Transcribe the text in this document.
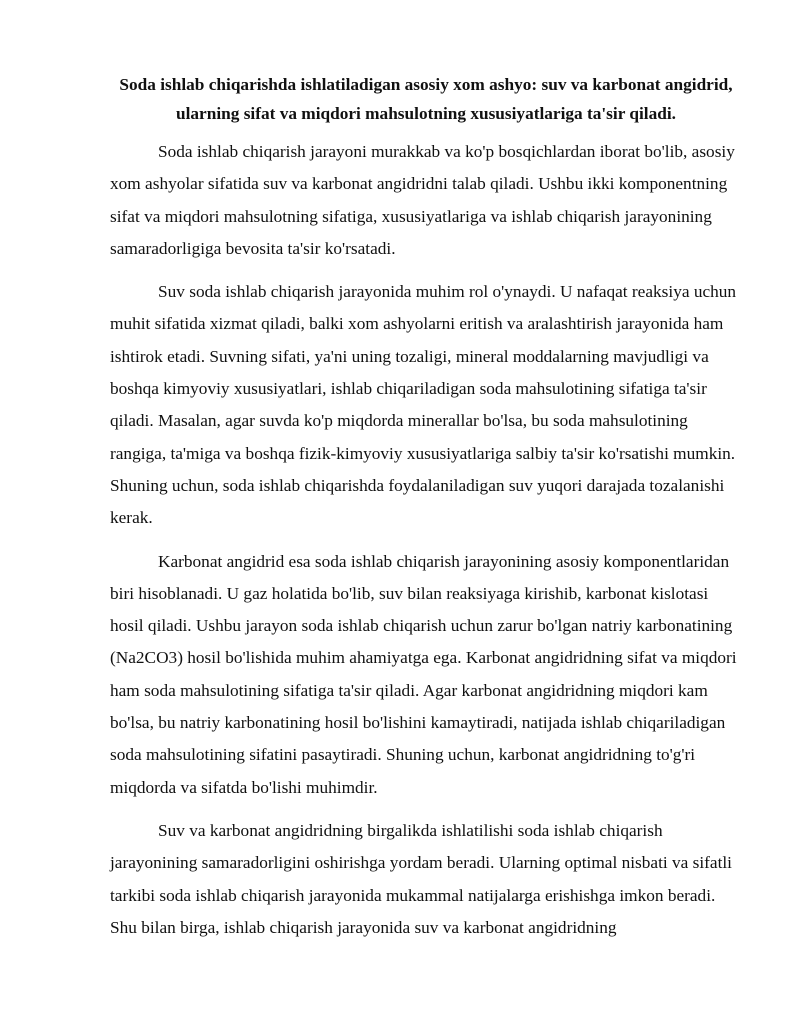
Soda ishlab chiqarishda ishlatiladigan asosiy xom ashyo: suv va karbonat angidrid, ularning sifat va miqdori mahsulotning xususiyatlariga ta'sir qiladi.

Soda ishlab chiqarish jarayoni murakkab va ko'p bosqichlardan iborat bo'lib, asosiy xom ashyolar sifatida suv va karbonat angidridni talab qiladi. Ushbu ikki komponentning sifat va miqdori mahsulotning sifatiga, xususiyatlariga va ishlab chiqarish jarayonining samaradorligiga bevosita ta'sir ko'rsatadi.

Suv soda ishlab chiqarish jarayonida muhim rol o'ynaydi. U nafaqat reaksiya uchun muhit sifatida xizmat qiladi, balki xom ashyolarni eritish va aralashtirish jarayonida ham ishtirok etadi. Suvning sifati, ya'ni uning tozaligi, mineral moddalarning mavjudligi va boshqa kimyoviy xususiyatlari, ishlab chiqariladigan soda mahsulotining sifatiga ta'sir qiladi. Masalan, agar suvda ko'p miqdorda minerallar bo'lsa, bu soda mahsulotining rangiga, ta'miga va boshqa fizik-kimyoviy xususiyatlariga salbiy ta'sir ko'rsatishi mumkin. Shuning uchun, soda ishlab chiqarishda foydalaniladigan suv yuqori darajada tozalanishi kerak.

Karbonat angidrid esa soda ishlab chiqarish jarayonining asosiy komponentlaridan biri hisoblanadi. U gaz holatida bo'lib, suv bilan reaksiyaga kirishib, karbonat kislotasi hosil qiladi. Ushbu jarayon soda ishlab chiqarish uchun zarur bo'lgan natriy karbonatining (Na2CO3) hosil bo'lishida muhim ahamiyatga ega. Karbonat angidridning sifat va miqdori ham soda mahsulotining sifatiga ta'sir qiladi. Agar karbonat angidridning miqdori kam bo'lsa, bu natriy karbonatining hosil bo'lishini kamaytiradi, natijada ishlab chiqariladigan soda mahsulotining sifatini pasaytiradi. Shuning uchun, karbonat angidridning to'g'ri miqdorda va sifatda bo'lishi muhimdir.

Suv va karbonat angidridning birgalikda ishlatilishi soda ishlab chiqarish jarayonining samaradorligini oshirishga yordam beradi. Ularning optimal nisbati va sifatli tarkibi soda ishlab chiqarish jarayonida mukammal natijalarga erishishga imkon beradi. Shu bilan birga, ishlab chiqarish jarayonida suv va karbonat angidridning
